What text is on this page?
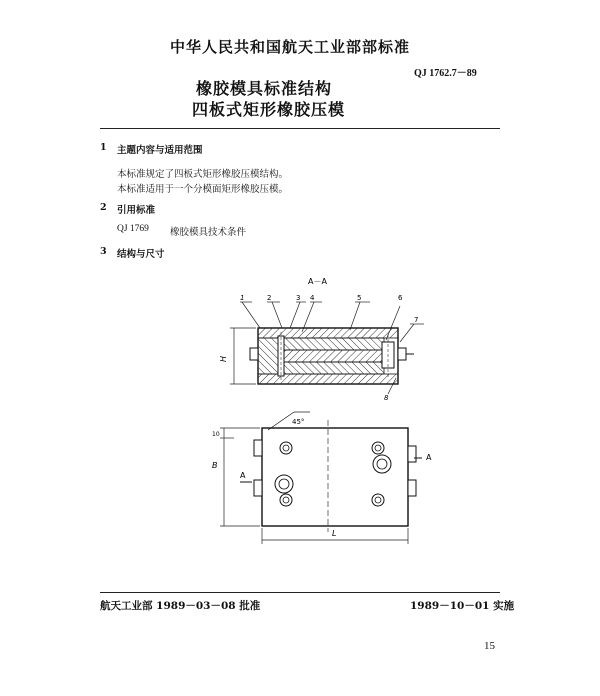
中华人民共和国航天工业部部标准
QJ 1762.7－89
橡胶模具标准结构
四板式矩形橡胶压模
1 主题内容与适用范围
本标准规定了四板式矩形橡胶压模结构。
本标准适用于一个分模面矩形橡胶压模。
2 引用标准
QJ 1769 橡胶模具技术条件
3 结构与尺寸
A－A
1	2	3 4	5	6
7
8
H
45°
A
A
B
10
L
航天工业部 1989－03－08 批准	1989－10－01 实施
15
